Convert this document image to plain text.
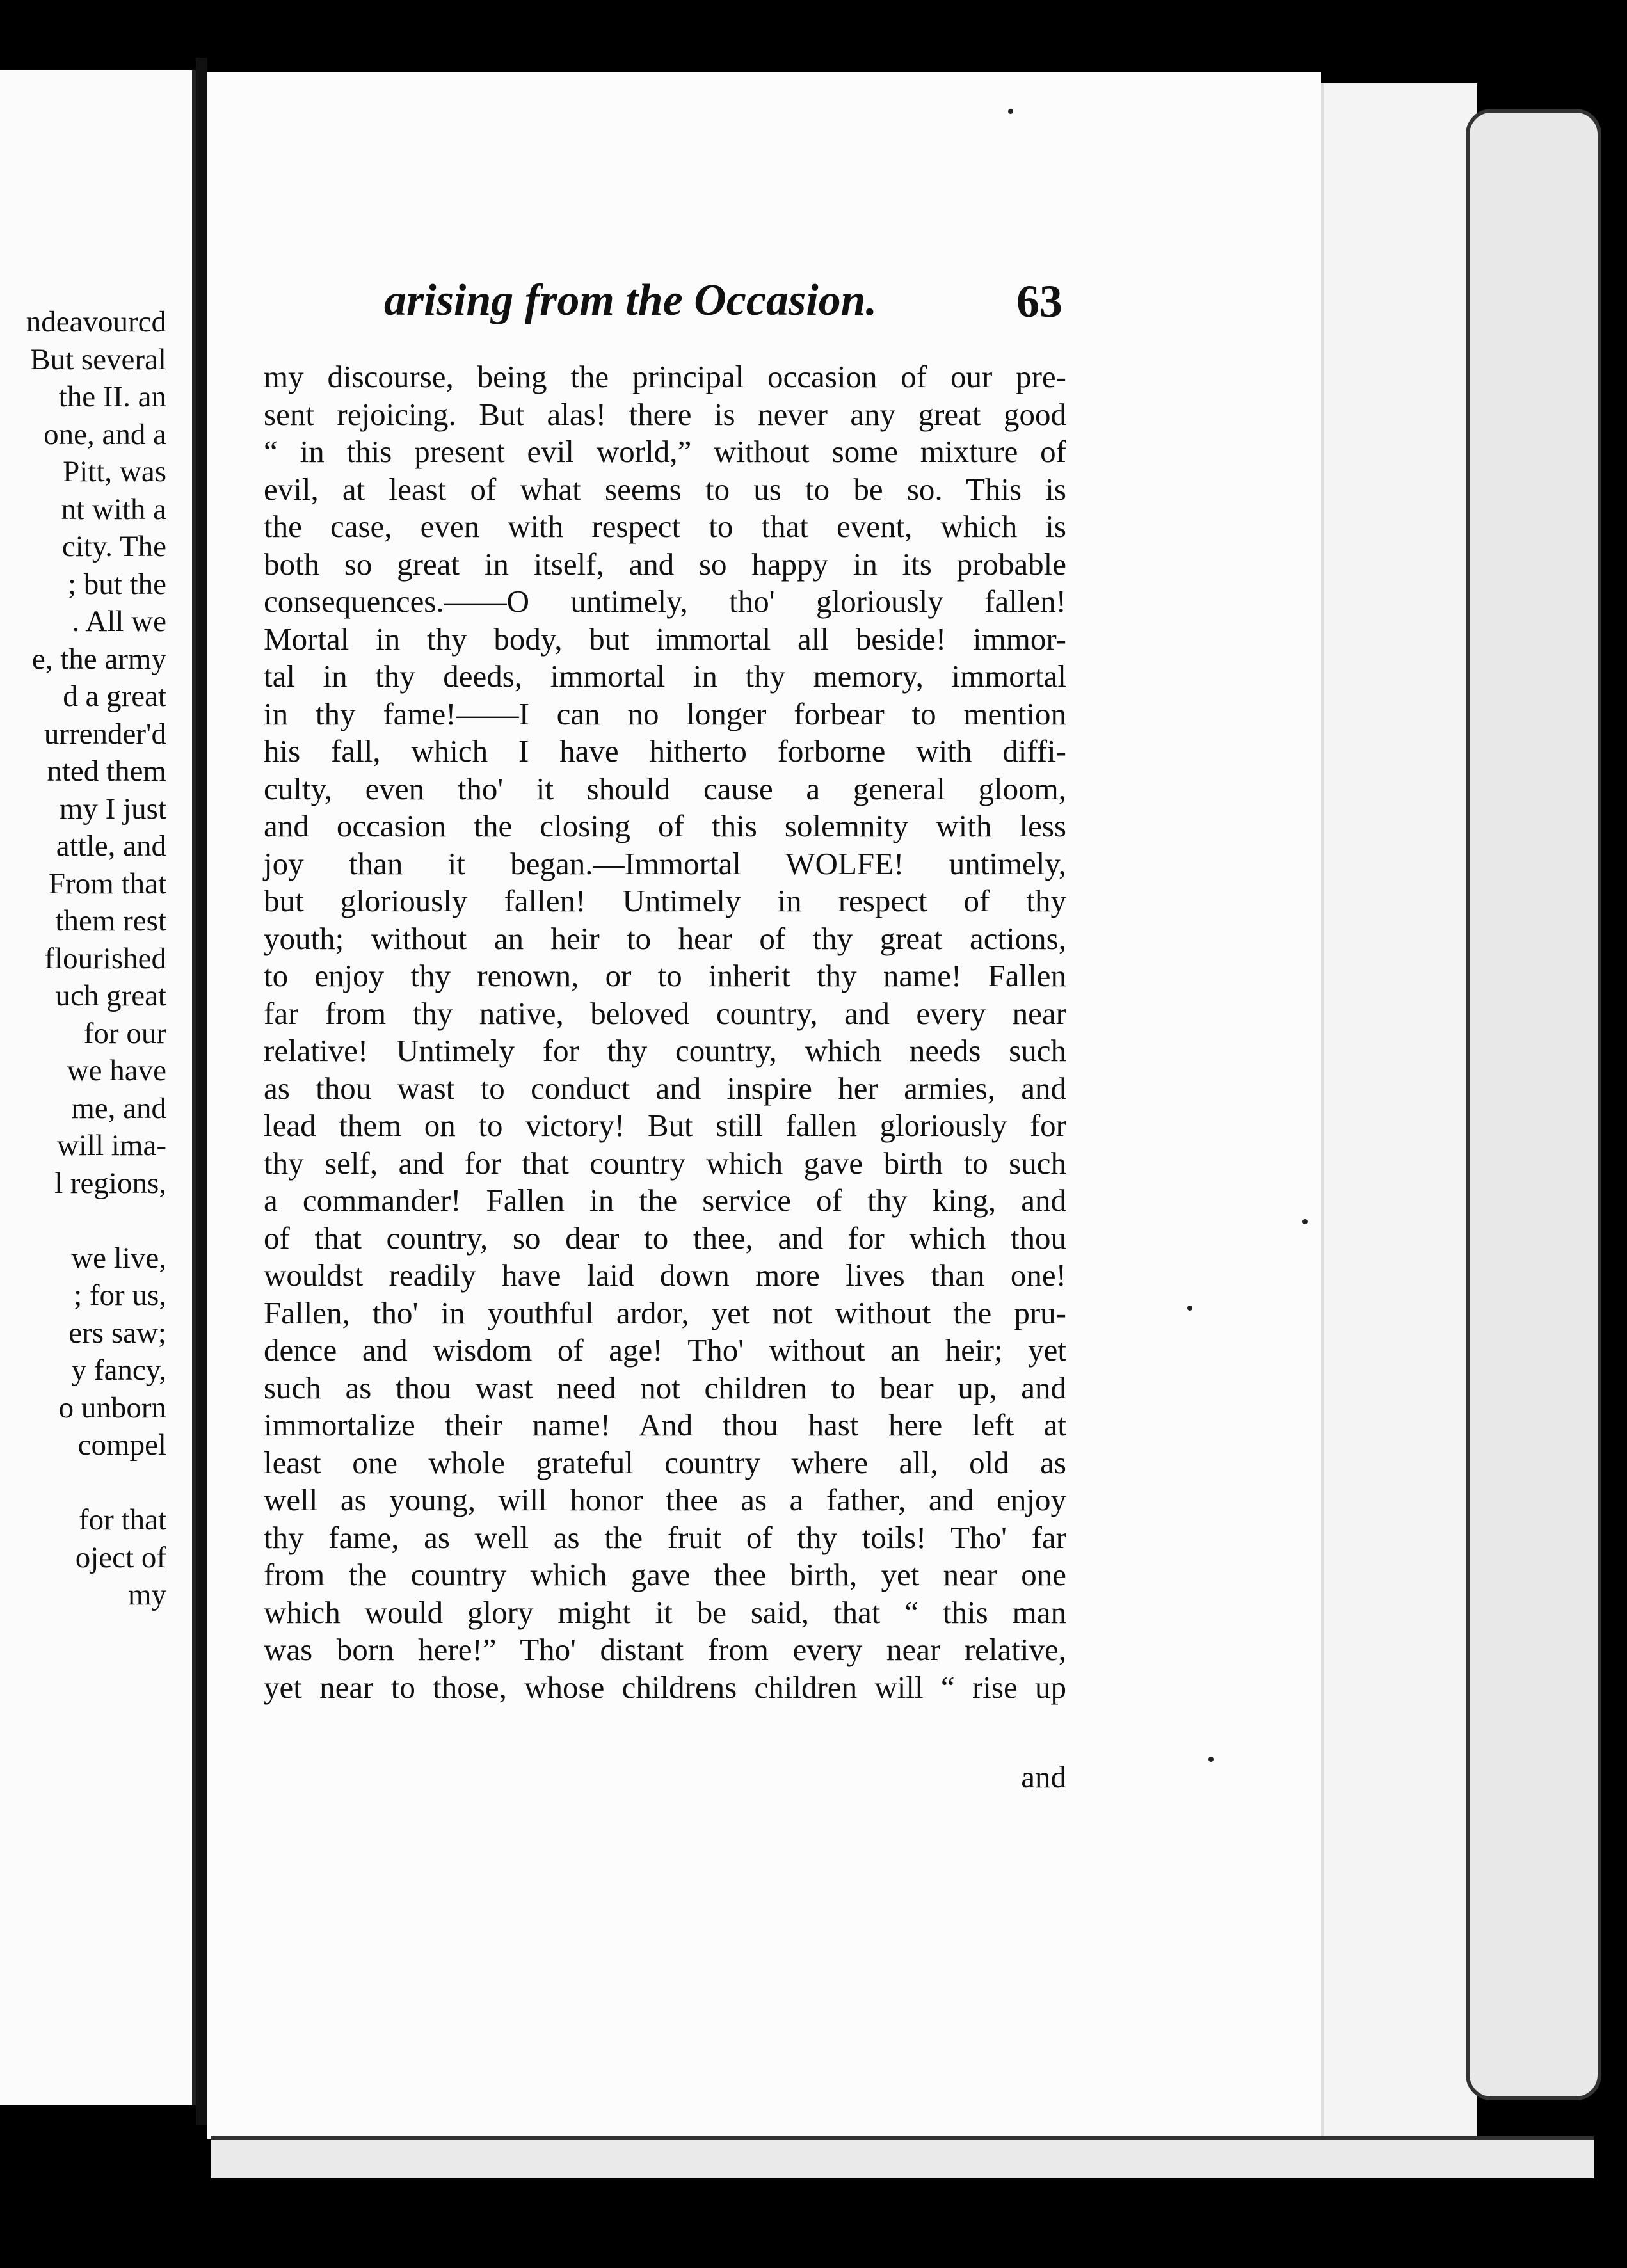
ndeavourcd
But several
the II. an
one, and a
Pitt, was
nt with a
city. The
; but the
. All we
e, the army
d a great
urrender'd
nted them
my I just
attle, and
From that
them rest
flourished
uch great
for our
we have
me, and
will ima-
l regions,
we live,
; for us,
ers saw;
y fancy,
o unborn
compel
for that
oject of
my
arising from the Occasion.	63
my discourse, being the principal occasion of our pre-
sent rejoicing. But alas! there is never any great good
“ in this present evil world,” without some mixture of
evil, at least of what seems to us to be so. This is
the case, even with respect to that event, which is
both so great in itself, and so happy in its probable
consequences.——O untimely, tho' gloriously fallen!
Mortal in thy body, but immortal all beside! immor-
tal in thy deeds, immortal in thy memory, immortal
in thy fame!——I can no longer forbear to mention
his fall, which I have hitherto forborne with diffi-
culty, even tho' it should cause a general gloom,
and occasion the closing of this solemnity with less
joy than it began.—Immortal WOLFE! untimely,
but gloriously fallen! Untimely in respect of thy
youth; without an heir to hear of thy great actions,
to enjoy thy renown, or to inherit thy name! Fallen
far from thy native, beloved country, and every near
relative! Untimely for thy country, which needs such
as thou wast to conduct and inspire her armies, and
lead them on to victory! But still fallen gloriously for
thy self, and for that country which gave birth to such
a commander! Fallen in the service of thy king, and
of that country, so dear to thee, and for which thou
wouldst readily have laid down more lives than one!
Fallen, tho' in youthful ardor, yet not without the pru-
dence and wisdom of age! Tho' without an heir; yet
such as thou wast need not children to bear up, and
immortalize their name! And thou hast here left at
least one whole grateful country where all, old as
well as young, will honor thee as a father, and enjoy
thy fame, as well as the fruit of thy toils! Tho' far
from the country which gave thee birth, yet near one
which would glory might it be said, that “ this man
was born here!” Tho' distant from every near relative,
yet near to those, whose childrens children will “ rise up
and
